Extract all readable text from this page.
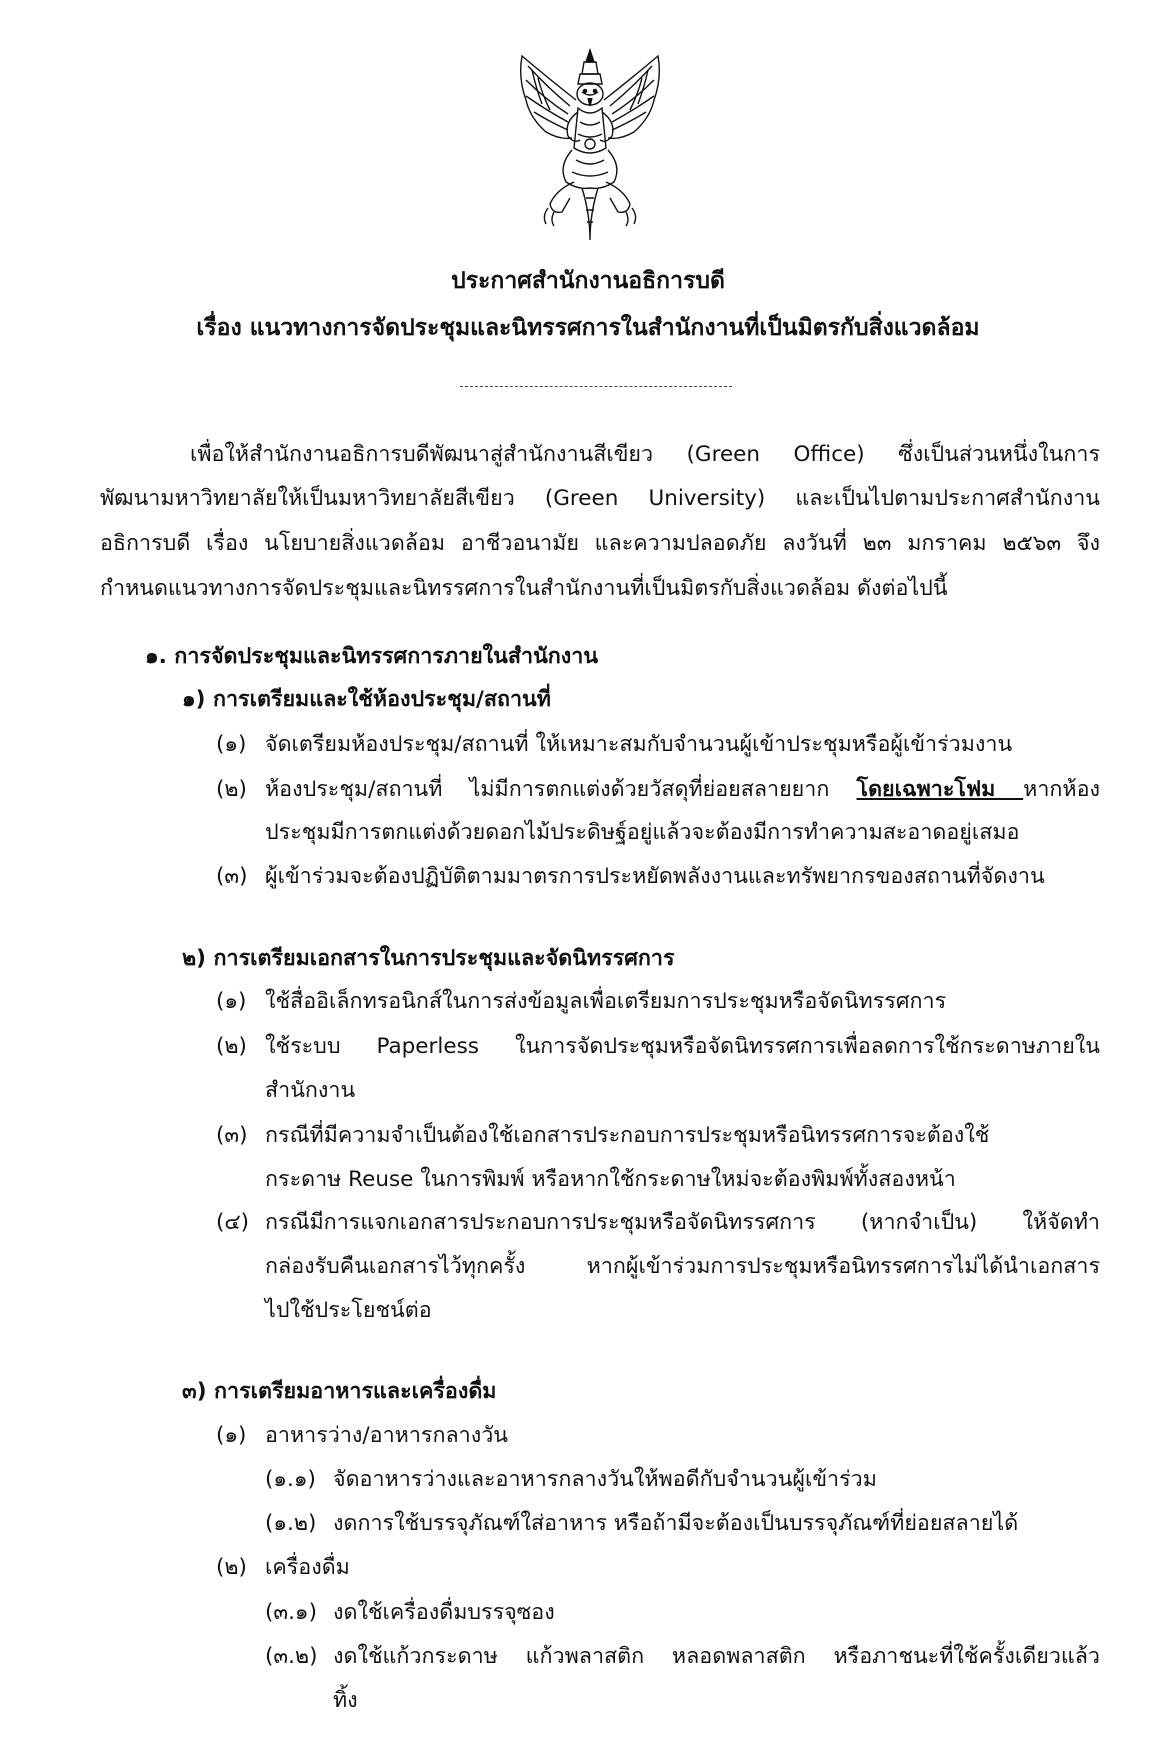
ประกาศสำนักงานอธิการบดี
เรื่อง แนวทางการจัดประชุมและนิทรรศการในสำนักงานที่เป็นมิตรกับสิ่งแวดล้อม
เพื่อให้สำนักงานอธิการบดีพัฒนาสู่สำนักงานสีเขียว (Green Office) ซึ่งเป็นส่วนหนึ่งในการ
พัฒนามหาวิทยาลัยให้เป็นมหาวิทยาลัยสีเขียว (Green University) และเป็นไปตามประกาศสำนักงาน
อธิการบดี เรื่อง นโยบายสิ่งแวดล้อม อาชีวอนามัย และความปลอดภัย ลงวันที่ ๒๓ มกราคม ๒๕๖๓ จึง
กำหนดแนวทางการจัดประชุมและนิทรรศการในสำนักงานที่เป็นมิตรกับสิ่งแวดล้อม ดังต่อไปนี้
๑. การจัดประชุมและนิทรรศการภายในสำนักงาน
๑) การเตรียมและใช้ห้องประชุม/สถานที่
(๑) จัดเตรียมห้องประชุม/สถานที่ ให้เหมาะสมกับจำนวนผู้เข้าประชุมหรือผู้เข้าร่วมงาน
(๒) ห้องประชุม/สถานที่ ไม่มีการตกแต่งด้วยวัสดุที่ย่อยสลายยาก โดยเฉพาะโฟม หากห้อง
ประชุมมีการตกแต่งด้วยดอกไม้ประดิษฐ์อยู่แล้วจะต้องมีการทำความสะอาดอยู่เสมอ
(๓) ผู้เข้าร่วมจะต้องปฏิบัติตามมาตรการประหยัดพลังงานและทรัพยากรของสถานที่จัดงาน
๒) การเตรียมเอกสารในการประชุมและจัดนิทรรศการ
(๑) ใช้สื่ออิเล็กทรอนิกส์ในการส่งข้อมูลเพื่อเตรียมการประชุมหรือจัดนิทรรศการ
(๒) ใช้ระบบ Paperless ในการจัดประชุมหรือจัดนิทรรศการเพื่อลดการใช้กระดาษภายใน
สำนักงาน
(๓) กรณีที่มีความจำเป็นต้องใช้เอกสารประกอบการประชุมหรือนิทรรศการจะต้องใช้
กระดาษ Reuse ในการพิมพ์ หรือหากใช้กระดาษใหม่จะต้องพิมพ์ทั้งสองหน้า
(๔) กรณีมีการแจกเอกสารประกอบการประชุมหรือจัดนิทรรศการ (หากจำเป็น) ให้จัดทำ
กล่องรับคืนเอกสารไว้ทุกครั้ง หากผู้เข้าร่วมการประชุมหรือนิทรรศการไม่ได้นำเอกสาร
ไปใช้ประโยชน์ต่อ
๓) การเตรียมอาหารและเครื่องดื่ม
(๑) อาหารว่าง/อาหารกลางวัน
(๑.๑) จัดอาหารว่างและอาหารกลางวันให้พอดีกับจำนวนผู้เข้าร่วม
(๑.๒) งดการใช้บรรจุภัณฑ์ใส่อาหาร หรือถ้ามีจะต้องเป็นบรรจุภัณฑ์ที่ย่อยสลายได้
(๒) เครื่องดื่ม
(๓.๑) งดใช้เครื่องดื่มบรรจุซอง
(๓.๒) งดใช้แก้วกระดาษ แก้วพลาสติก หลอดพลาสติก หรือภาชนะที่ใช้ครั้งเดียวแล้ว
ทิ้ง
